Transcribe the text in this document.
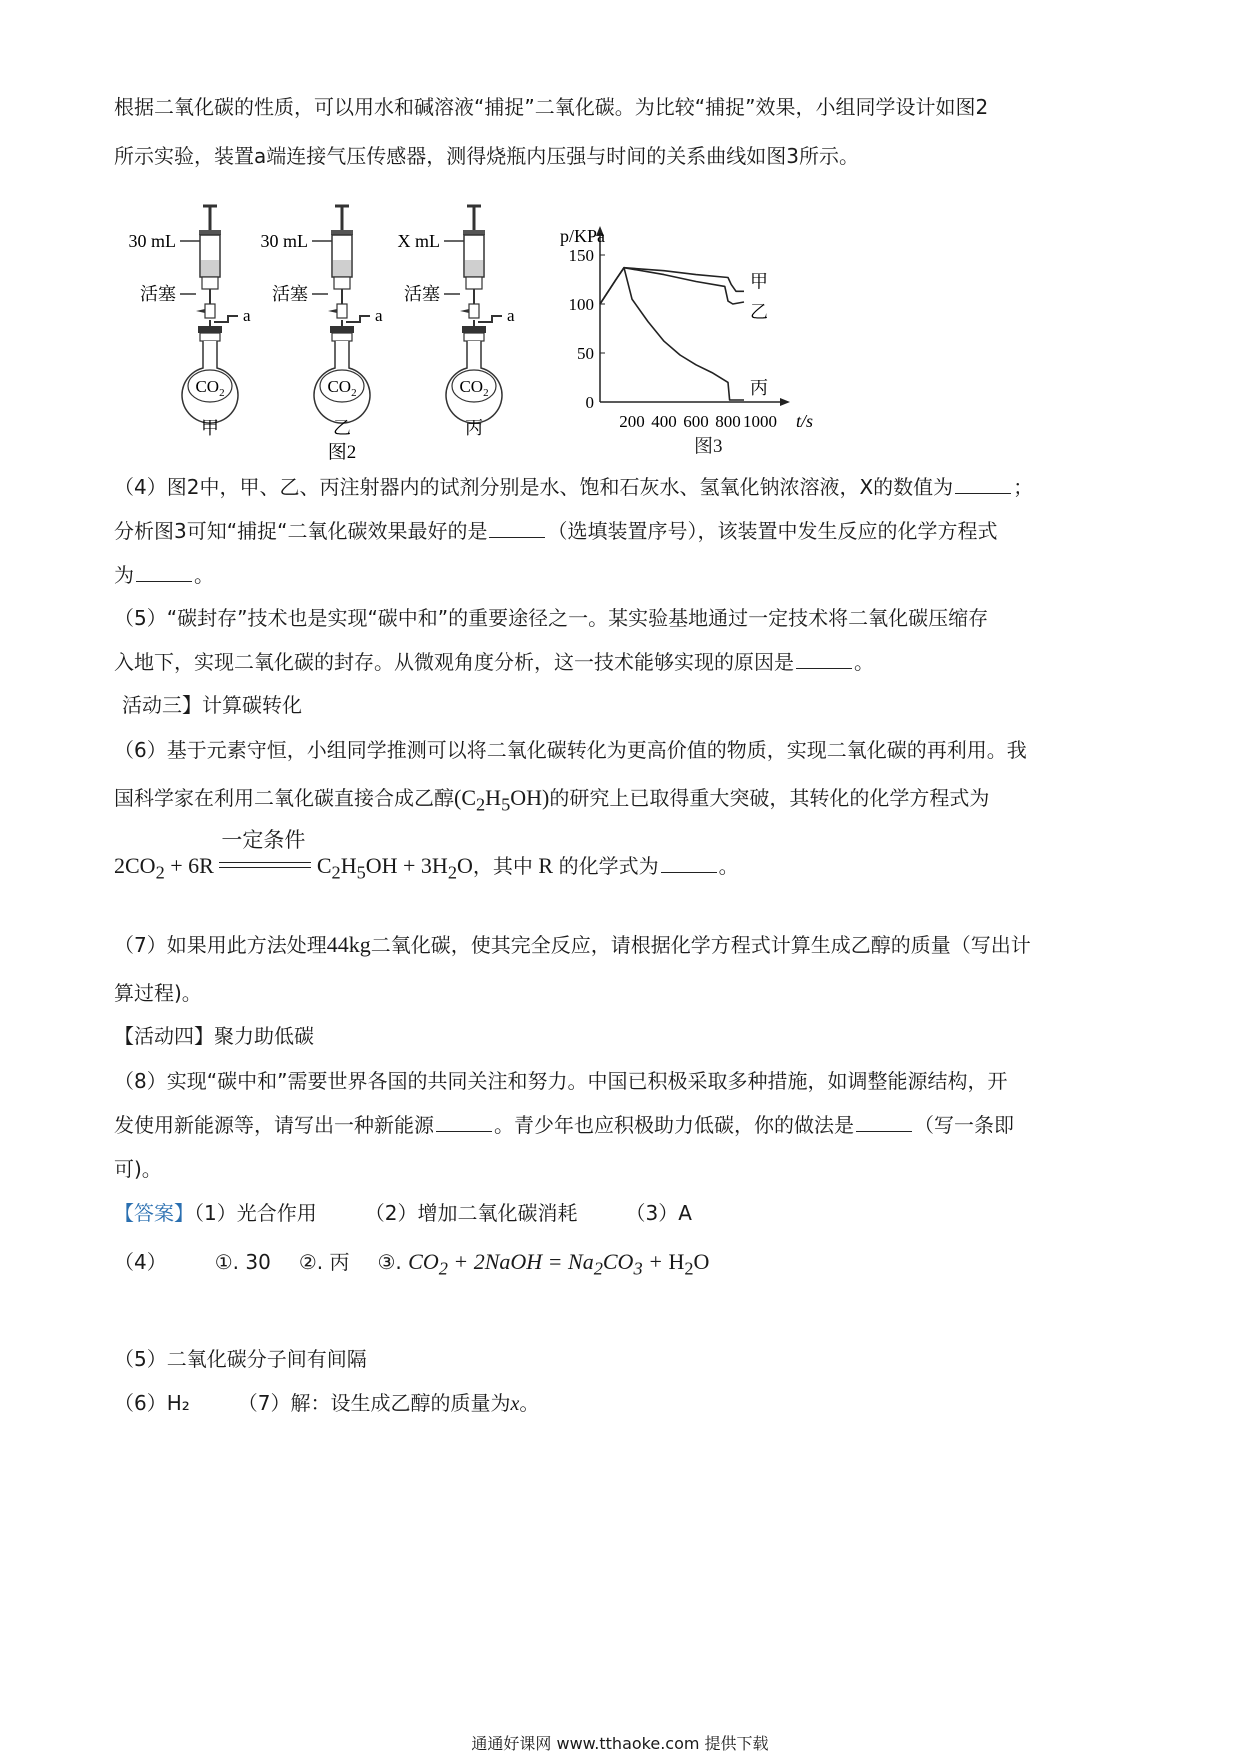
根据二氧化碳的性质，可以用水和碱溶液“捕捉”二氧化碳。为比较“捕捉”效果，小组同学设计如图2
所示实验，装置a端连接气压传感器，测得烧瓶内压强与时间的关系曲线如图3所示。
30 mL
活塞
a
$CO_2$
甲
30 mL
活塞
a
$CO_2$
乙
X mL
活塞
a
$CO_2$
丙
图2
0
50
100
150
200 400 600 800 1000
p/KPa
t/s
甲
乙
丙
图3
（4）图2中，甲、乙、丙注射器内的试剂分别是水、饱和石灰水、氢氧化钠浓溶液，X的数值为	；
分析图3可知“捕捉“二氧化碳效果最好的是	（选填装置序号），该装置中发生反应的化学方程式
为	。
（5）“碳封存”技术也是实现“碳中和”的重要途径之一。某实验基地通过一定技术将二氧化碳压缩存
入地下，实现二氧化碳的封存。从微观角度分析，这一技术能够实现的原因是	。
活动三】计算碳转化
（6）基于元素守恒，小组同学推测可以将二氧化碳转化为更高价值的物质，实现二氧化碳的再利用。我
国科学家在利用二氧化碳直接合成乙醇$(C_2H_5OH)$的研究上已取得重大突破，其转化的化学方程式为
$2CO_2 + 6R$
一定条件
$C_2H_5OH + 3H_2O$，其中 R 的化学式为	。
（7）如果用此方法处理44kg二氧化碳，使其完全反应，请根据化学方程式计算生成乙醇的质量（写出计
算过程)。
【活动四】聚力助低碳
（8）实现“碳中和”需要世界各国的共同关注和努力。中国已积极采取多种措施，如调整能源结构，开
发使用新能源等，请写出一种新能源	。青少年也应积极助力低碳，你的做法是	（写一条即
可)。
【答案】（1）光合作用 （2）增加二氧化碳消耗 （3）A
（4） ①. 30 ②. 丙 ③. $CO_2$ + 2NaOH = $Na_2CO_3 + H_2O$
（5）二氧化碳分子间有间隔
（6）H₂ （7）解：设生成乙醇的质量为x。
通通好课网 www.tthaoke.com 提供下载
